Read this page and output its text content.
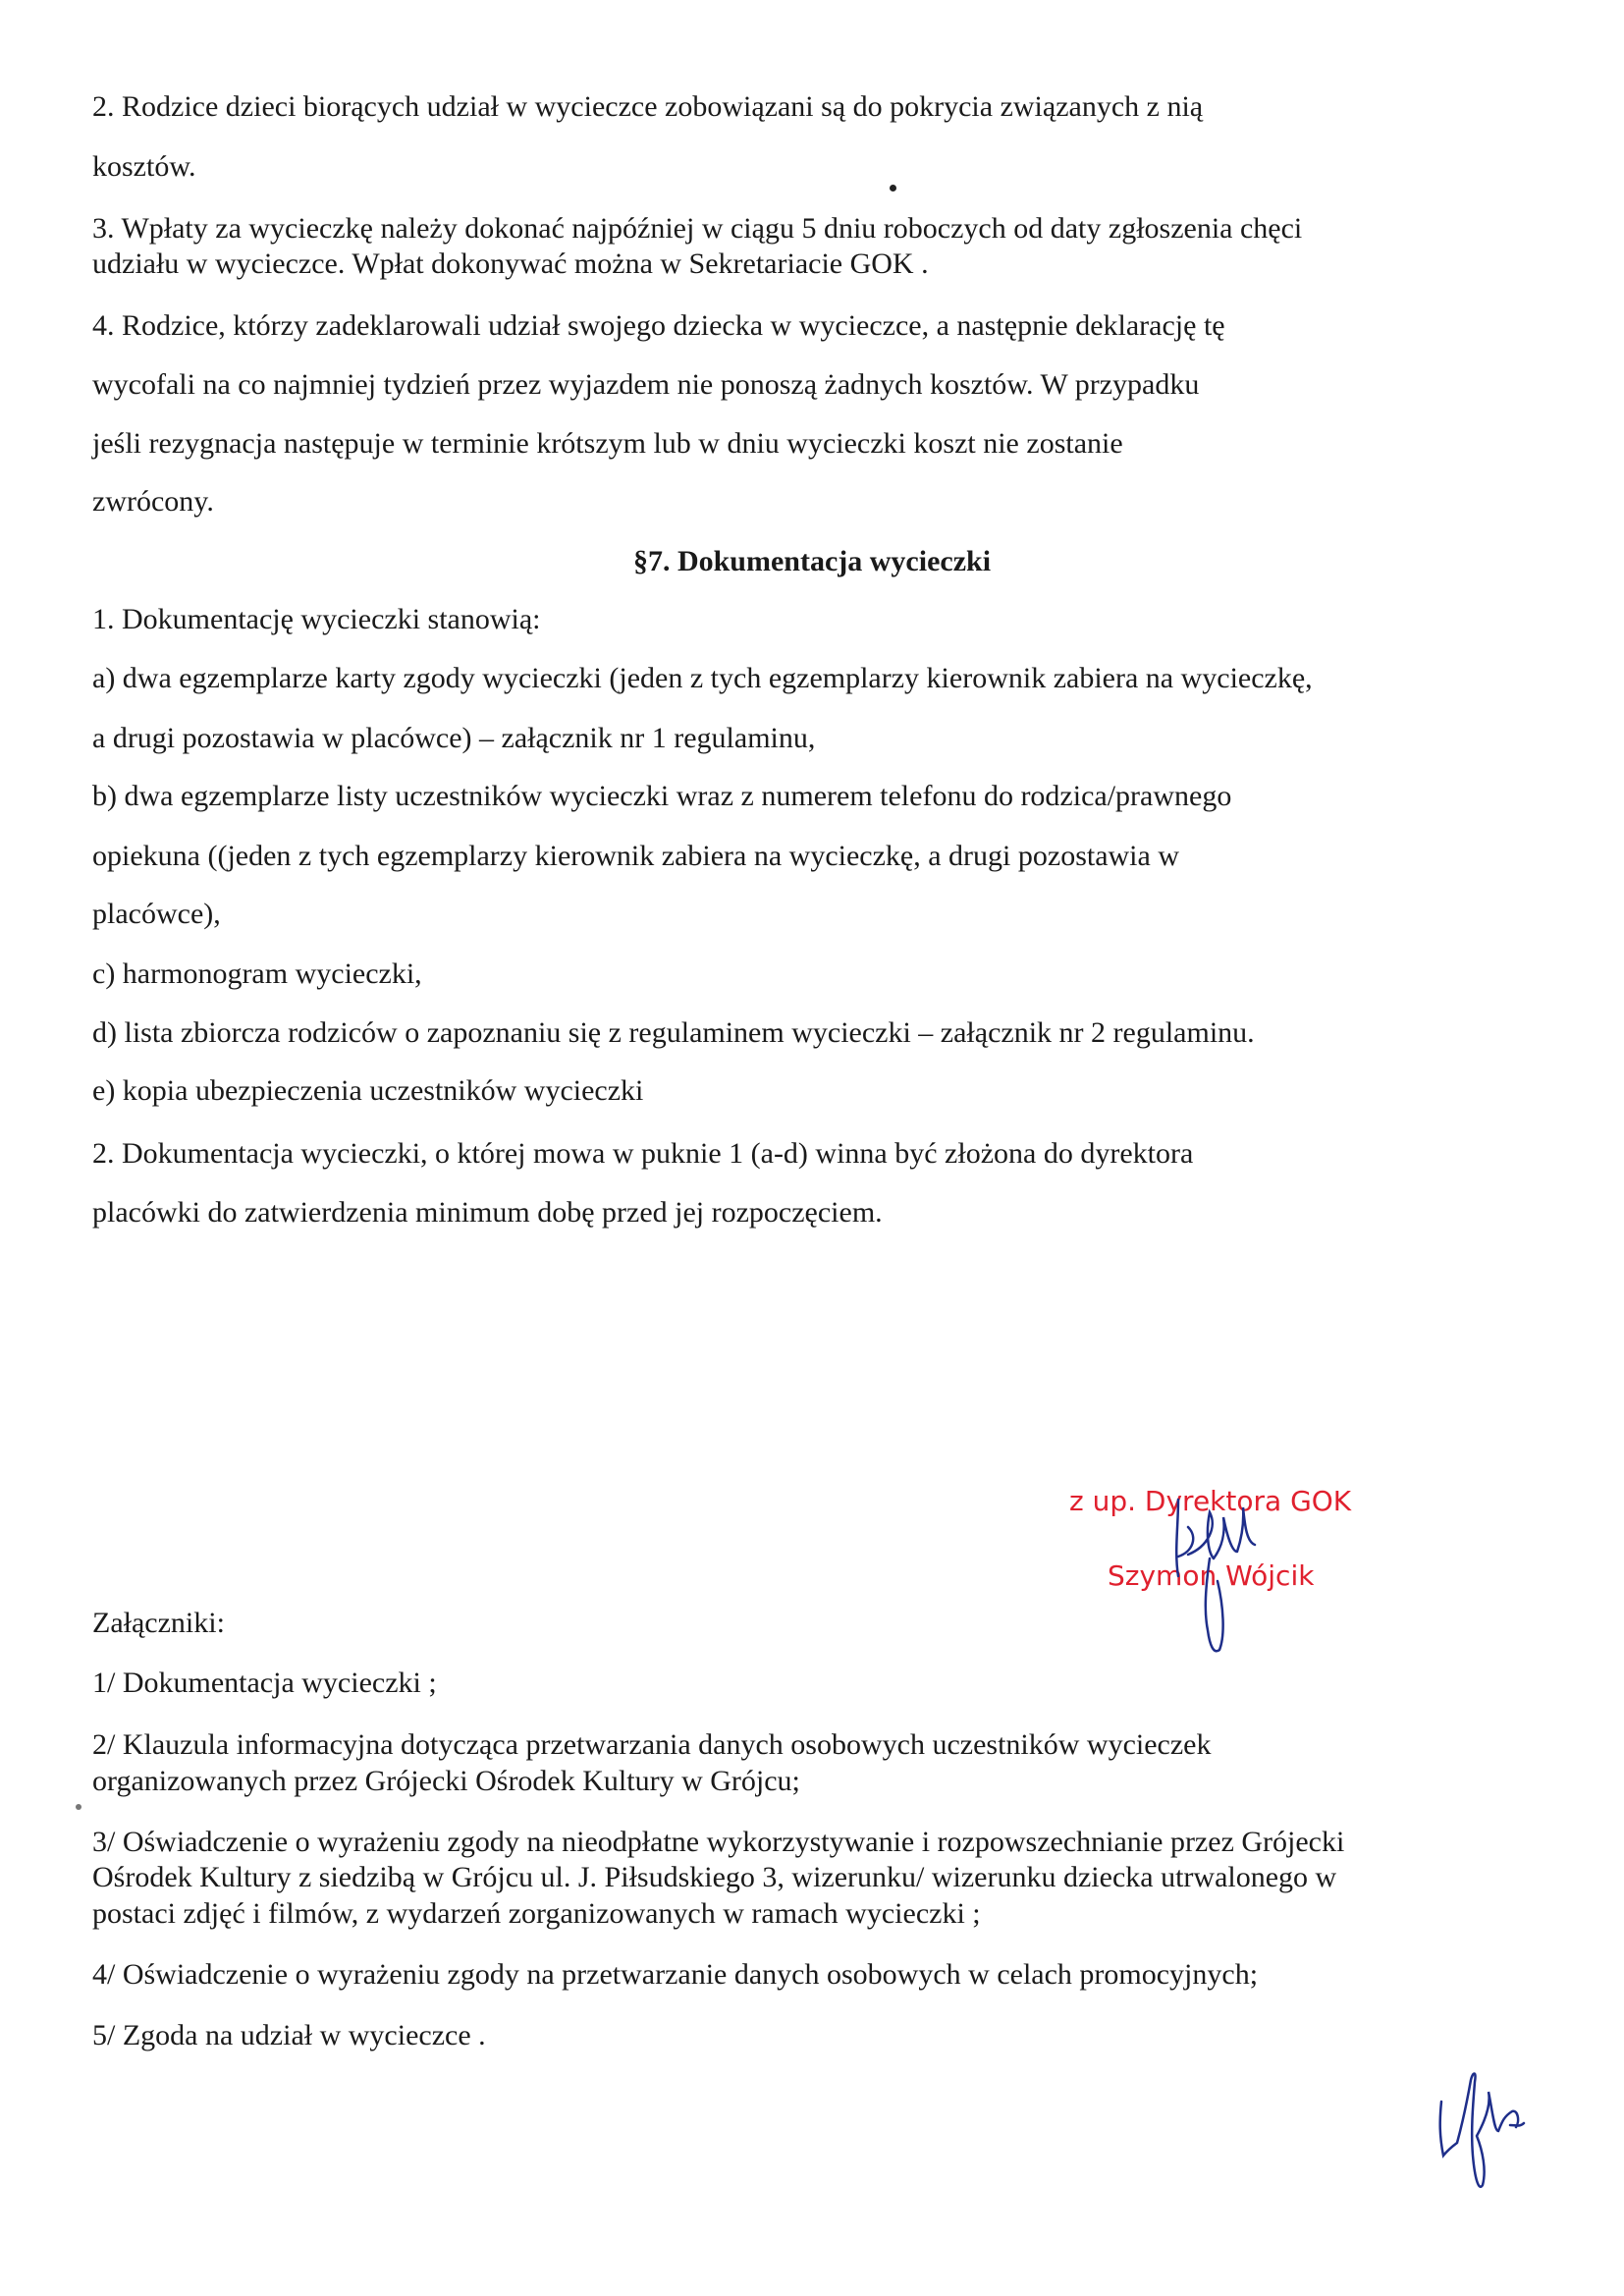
2. Rodzice dzieci biorących udział w wycieczce zobowiązani są do pokrycia związanych z nią
kosztów.
3. Wpłaty za wycieczkę należy dokonać najpóźniej w ciągu 5 dniu roboczych od daty zgłoszenia chęci
udziału w wycieczce. Wpłat dokonywać można w Sekretariacie GOK .
4. Rodzice, którzy zadeklarowali udział swojego dziecka w wycieczce, a następnie deklarację tę
wycofali na co najmniej tydzień przez wyjazdem nie ponoszą żadnych kosztów. W przypadku
jeśli rezygnacja następuje w terminie krótszym lub w dniu wycieczki koszt nie zostanie
zwrócony.
§7. Dokumentacja wycieczki
1. Dokumentację wycieczki stanowią:
a) dwa egzemplarze karty zgody wycieczki (jeden z tych egzemplarzy kierownik zabiera na wycieczkę,
a drugi pozostawia w placówce) – załącznik nr 1 regulaminu,
b) dwa egzemplarze listy uczestników wycieczki wraz z numerem telefonu do rodzica/prawnego
opiekuna ((jeden z tych egzemplarzy kierownik zabiera na wycieczkę, a drugi pozostawia w
placówce),
c) harmonogram wycieczki,
d) lista zbiorcza rodziców o zapoznaniu się z regulaminem wycieczki – załącznik nr 2 regulaminu.
e) kopia ubezpieczenia uczestników wycieczki
2. Dokumentacja wycieczki, o której mowa w puknie 1 (a-d) winna być złożona do dyrektora
placówki do zatwierdzenia minimum dobę przed jej rozpoczęciem.
z up. Dyrektora GOK
Szymon Wójcik
Załączniki:
1/ Dokumentacja wycieczki ;
2/ Klauzula informacyjna dotycząca przetwarzania danych osobowych uczestników wycieczek
organizowanych przez Grójecki Ośrodek Kultury w Grójcu;
3/ Oświadczenie o wyrażeniu zgody na nieodpłatne wykorzystywanie i rozpowszechnianie przez Grójecki
Ośrodek Kultury z siedzibą w Grójcu ul. J. Piłsudskiego 3, wizerunku/ wizerunku dziecka utrwalonego w
postaci zdjęć i filmów, z wydarzeń zorganizowanych w ramach wycieczki ;
4/ Oświadczenie o wyrażeniu zgody na przetwarzanie danych osobowych w celach promocyjnych;
5/ Zgoda na udział w wycieczce .
